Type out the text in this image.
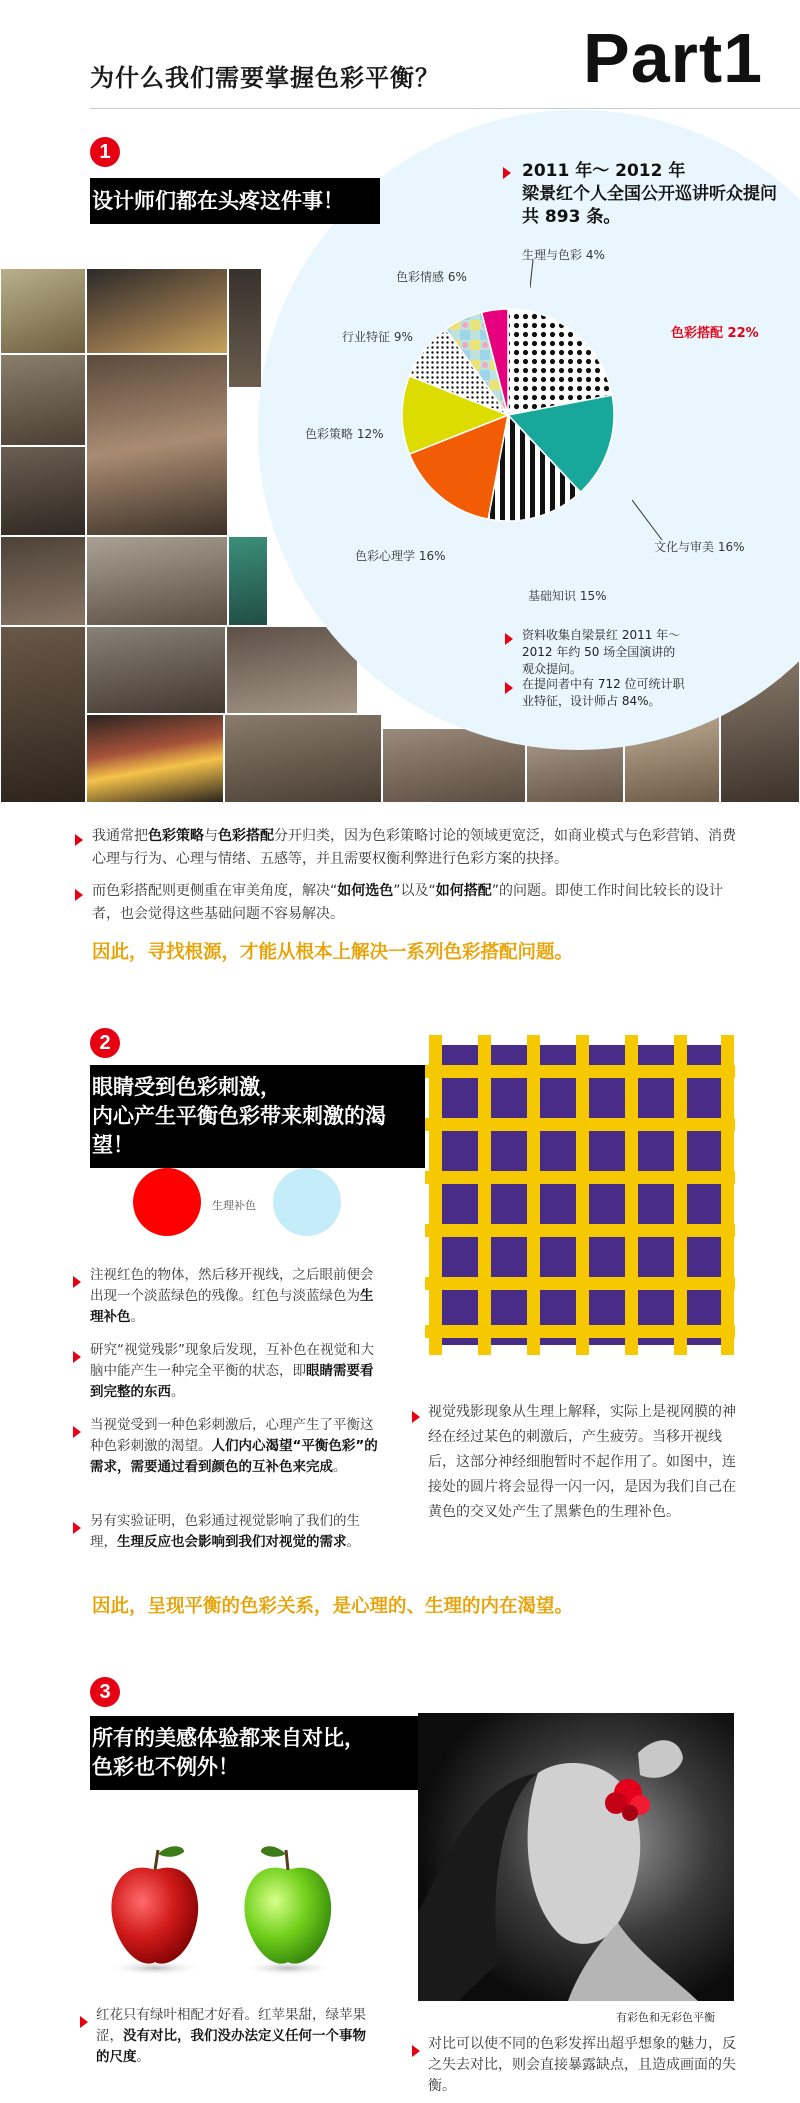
为什么我们需要掌握色彩平衡？ Part1
1
设计师们都在头疼这件事！
2011 年～ 2012 年
梁景红个人全国公开巡讲听众提问
共 893 条。
生理与色彩 4%
色彩情感 6%
行业特征 9%
色彩策略 12%
色彩心理学 16%
基础知识 15%
文化与审美 16%
色彩搭配 22%
资料收集自梁景红 2011 年～ 2012 年约 50 场全国演讲的观众提问。
在提问者中有 712 位可统计职业特征，设计师占 84%。
我通常把色彩策略与色彩搭配分开归类，因为色彩策略讨论的领域更宽泛，如商业模式与色彩营销、消费心理与行为、心理与情绪、五感等，并且需要权衡利弊进行色彩方案的抉择。
而色彩搭配则更侧重在审美角度，解决“如何选色”以及“如何搭配”的问题。即使工作时间比较长的设计者，也会觉得这些基础问题不容易解决。
因此，寻找根源，才能从根本上解决一系列色彩搭配问题。
2
眼睛受到色彩刺激，
内心产生平衡色彩带来刺激的渴望！
生理补色
注视红色的物体，然后移开视线，之后眼前便会出现一个淡蓝绿色的残像。红色与淡蓝绿色为生理补色。
研究“视觉残影”现象后发现，互补色在视觉和大脑中能产生一种完全平衡的状态，即眼睛需要看到完整的东西。
当视觉受到一种色彩刺激后，心理产生了平衡这种色彩刺激的渴望。人们内心渴望“平衡色彩”的需求，需要通过看到颜色的互补色来完成。
另有实验证明，色彩通过视觉影响了我们的生理，生理反应也会影响到我们对视觉的需求。
视觉残影现象从生理上解释，实际上是视网膜的神经在经过某色的刺激后，产生疲劳。当移开视线后，这部分神经细胞暂时不起作用了。如图中，连接处的圆片将会显得一闪一闪，是因为我们自己在黄色的交叉处产生了黑紫色的生理补色。
因此，呈现平衡的色彩关系，是心理的、生理的内在渴望。
3
所有的美感体验都来自对比，
色彩也不例外！
有彩色和无彩色平衡
红花只有绿叶相配才好看。红苹果甜，绿苹果涩，没有对比，我们没办法定义任何一个事物的尺度。
对比可以使不同的色彩发挥出超乎想象的魅力，反之失去对比，则会直接暴露缺点，且造成画面的失衡。
